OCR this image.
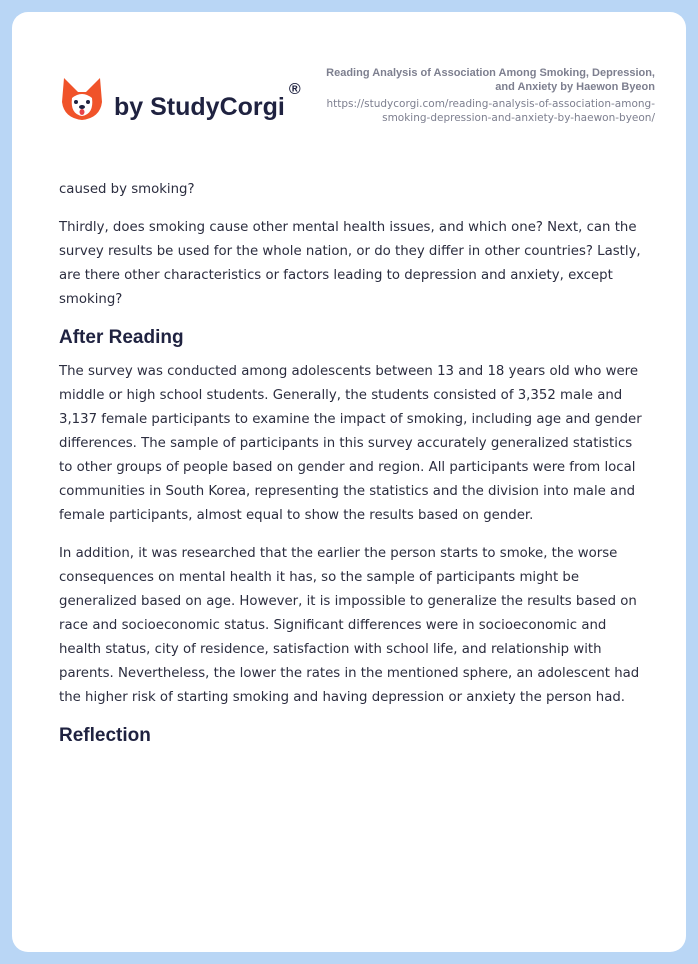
by StudyCorgi®
Reading Analysis of Association Among Smoking, Depression, and Anxiety by Haewon Byeon
https://studycorgi.com/reading-analysis-of-association-among-smoking-depression-and-anxiety-by-haewon-byeon/

caused by smoking?

Thirdly, does smoking cause other mental health issues, and which one? Next, can the survey results be used for the whole nation, or do they differ in other countries? Lastly, are there other characteristics or factors leading to depression and anxiety, except smoking?

After Reading

The survey was conducted among adolescents between 13 and 18 years old who were middle or high school students. Generally, the students consisted of 3,352 male and 3,137 female participants to examine the impact of smoking, including age and gender differences. The sample of participants in this survey accurately generalized statistics to other groups of people based on gender and region. All participants were from local communities in South Korea, representing the statistics and the division into male and female participants, almost equal to show the results based on gender.

In addition, it was researched that the earlier the person starts to smoke, the worse consequences on mental health it has, so the sample of participants might be generalized based on age. However, it is impossible to generalize the results based on race and socioeconomic status. Significant differences were in socioeconomic and health status, city of residence, satisfaction with school life, and relationship with parents. Nevertheless, the lower the rates in the mentioned sphere, an adolescent had the higher risk of starting smoking and having depression or anxiety the person had.

Reflection
